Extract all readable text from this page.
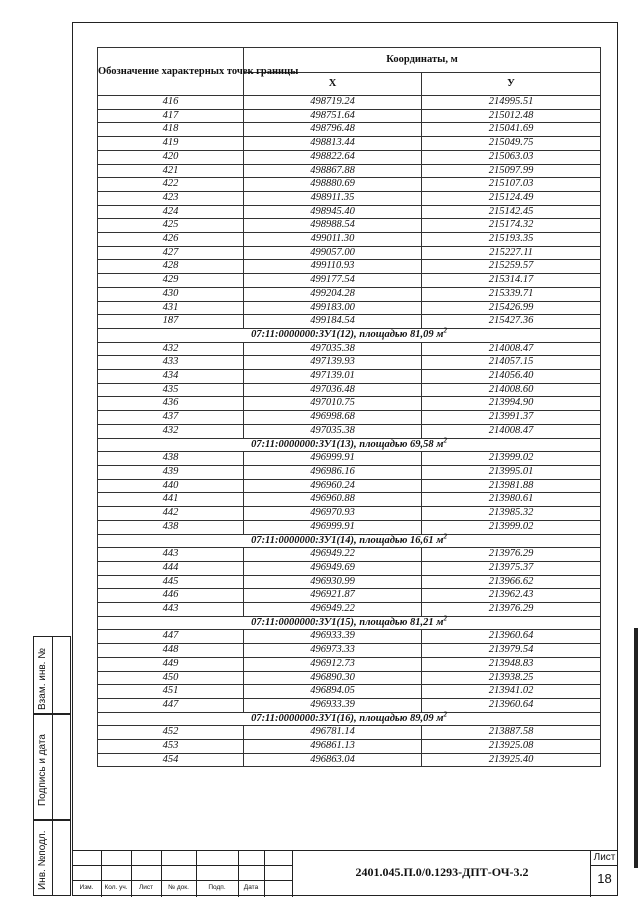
Обозначение характерных точек границы	Координаты, м	
	Х	У
416	498719.24	214995.51
417	498751.64	215012.48
418	498796.48	215041.69
419	498813.44	215049.75
420	498822.64	215063.03
421	498867.88	215097.99
422	498880.69	215107.03
423	498911.35	215124.49
424	498945.40	215142.45
425	498988.54	215174.32
426	499011.30	215193.35
427	499057.00	215227.11
428	499110.93	215259.57
429	499177.54	215314.17
430	499204.28	215339.71
431	499183.00	215426.99
187	499184.54	215427.36
07:11:0000000:ЗУ1(12), площадью 81,09 $м^2$
432	497035.38	214008.47
433	497139.93	214057.15
434	497139.01	214056.40
435	497036.48	214008.60
436	497010.75	213994.90
437	496998.68	213991.37
432	497035.38	214008.47
07:11:0000000:ЗУ1(13), площадью 69,58 $м^2$
438	496999.91	213999.02
439	496986.16	213995.01
440	496960.24	213981.88
441	496960.88	213980.61
442	496970.93	213985.32
438	496999.91	213999.02
07:11:0000000:ЗУ1(14), площадью 16,61 $м^2$
443	496949.22	213976.29
444	496949.69	213975.37
445	496930.99	213966.62
446	496921.87	213962.43
443	496949.22	213976.29
07:11:0000000:ЗУ1(15), площадью 81,21 $м^2$
447	496933.39	213960.64
448	496973.33	213979.54
449	496912.73	213948.83
450	496890.30	213938.25
451	496894.05	213941.02
447	496933.39	213960.64
07:11:0000000:ЗУ1(16), площадью 89,09 $м^2$
452	496781.14	213887.58
453	496861.13	213925.08
454	496863.04	213925.40
Взам. инв. №
Подпись и дата
Инв. №подл.	Изм.	Кол. уч.	Лист	№ док.	Подп.	Дата
2401.045.П.0/0.1293-ДПТ-ОЧ-3.2
Лист
18
